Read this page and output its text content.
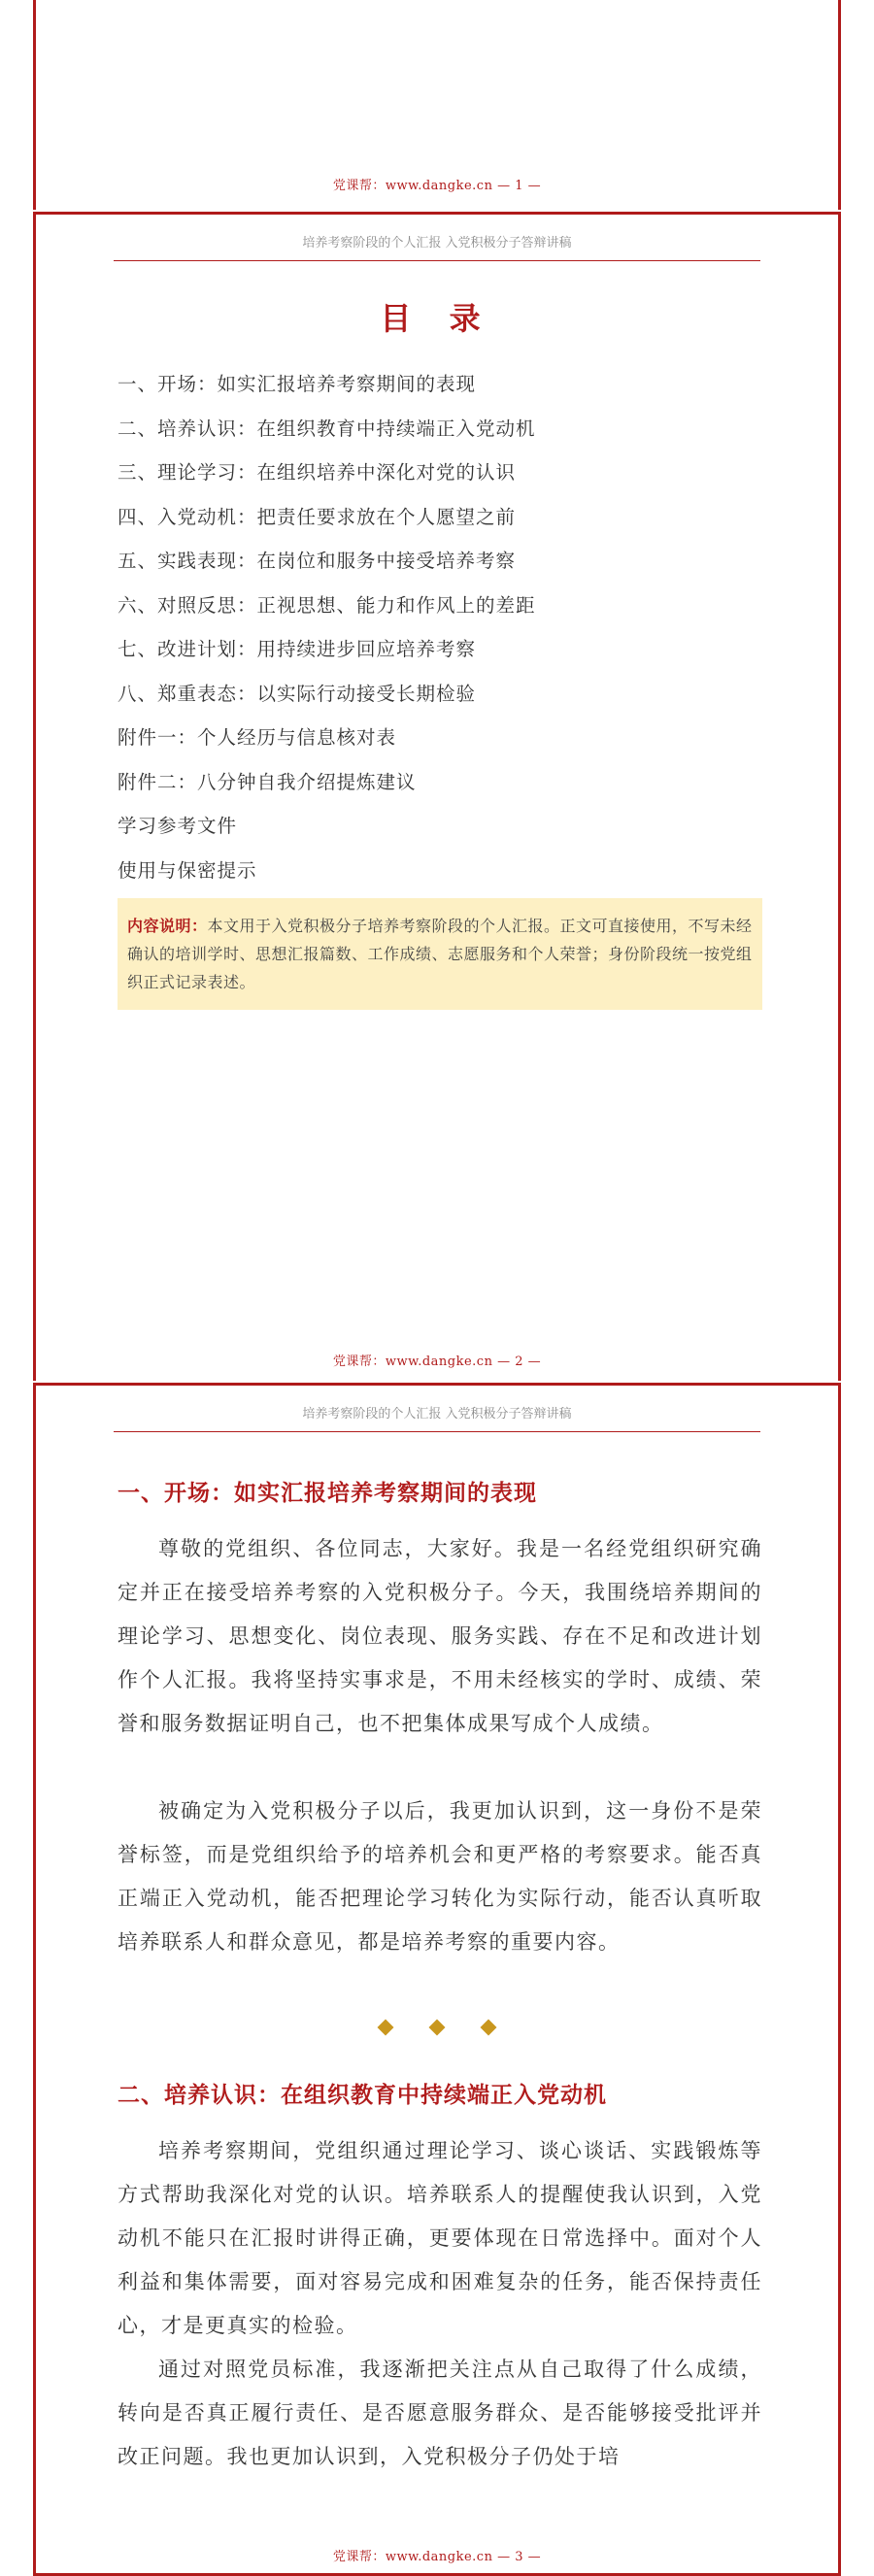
党课帮：www.dangke.cn — 1 —
培养考察阶段的个人汇报 入党积极分子答辩讲稿
目 录
一、开场：如实汇报培养考察期间的表现
二、培养认识：在组织教育中持续端正入党动机
三、理论学习：在组织培养中深化对党的认识
四、入党动机：把责任要求放在个人愿望之前
五、实践表现：在岗位和服务中接受培养考察
六、对照反思：正视思想、能力和作风上的差距
七、改进计划：用持续进步回应培养考察
八、郑重表态：以实际行动接受长期检验
附件一：个人经历与信息核对表
附件二：八分钟自我介绍提炼建议
学习参考文件
使用与保密提示
内容说明：本文用于入党积极分子培养考察阶段的个人汇报。正文可直接使用，不写未经确认的培训学时、思想汇报篇数、工作成绩、志愿服务和个人荣誉；身份阶段统一按党组织正式记录表述。
党课帮：www.dangke.cn — 2 —
培养考察阶段的个人汇报 入党积极分子答辩讲稿
一、开场：如实汇报培养考察期间的表现

尊敬的党组织、各位同志，大家好。我是一名经党组织研究确定并正在接受培养考察的入党积极分子。今天，我围绕培养期间的理论学习、思想变化、岗位表现、服务实践、存在不足和改进计划作个人汇报。我将坚持实事求是，不用未经核实的学时、成绩、荣誉和服务数据证明自己，也不把集体成果写成个人成绩。

被确定为入党积极分子以后，我更加认识到，这一身份不是荣誉标签，而是党组织给予的培养机会和更严格的考察要求。能否真正端正入党动机，能否把理论学习转化为实际行动，能否认真听取培养联系人和群众意见，都是培养考察的重要内容。

二、培养认识：在组织教育中持续端正入党动机

培养考察期间，党组织通过理论学习、谈心谈话、实践锻炼等方式帮助我深化对党的认识。培养联系人的提醒使我认识到，入党动机不能只在汇报时讲得正确，更要体现在日常选择中。面对个人利益和集体需要，面对容易完成和困难复杂的任务，能否保持责任心，才是更真实的检验。

通过对照党员标准，我逐渐把关注点从自己取得了什么成绩，转向是否真正履行责任、是否愿意服务群众、是否能够接受批评并改正问题。我也更加认识到，入党积极分子仍处于培

党课帮：www.dangke.cn — 3 —
